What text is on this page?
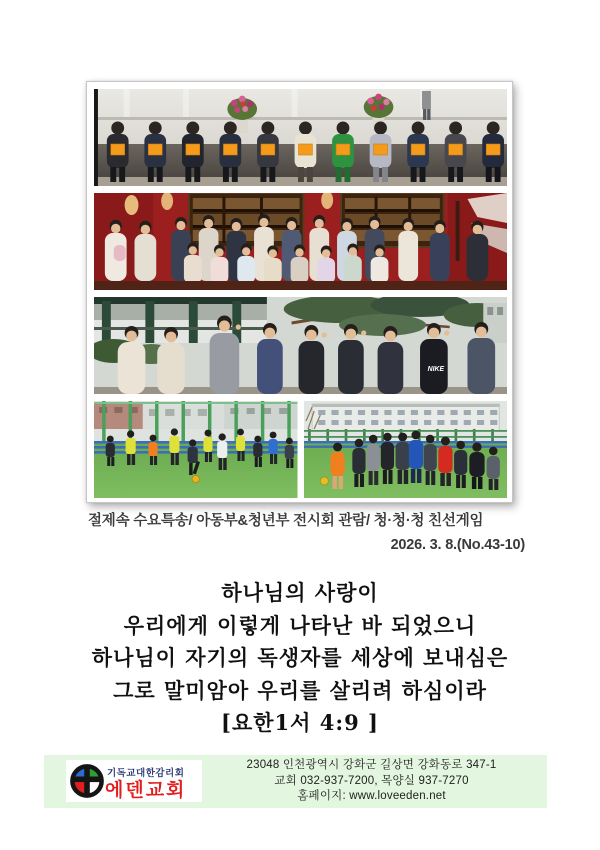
NIKE
절제속 수요특송/ 아동부&청년부 전시회 관람/ 청·청·청 친선게임
2026. 3. 8.(No.43-10)
하나님의 사랑이
우리에게 이렇게 나타난 바 되었으니
하나님이 자기의 독생자를 세상에 보내심은
그로 말미암아 우리를 살리려 하심이라
[요한1서 4:9 ]
기독교대한감리회
에덴교회
23048 인천광역시 강화군 길상면 강화동로 347-1
교회 032-937-7200, 목양실 937-7270
홈페이지: www.loveeden.net
